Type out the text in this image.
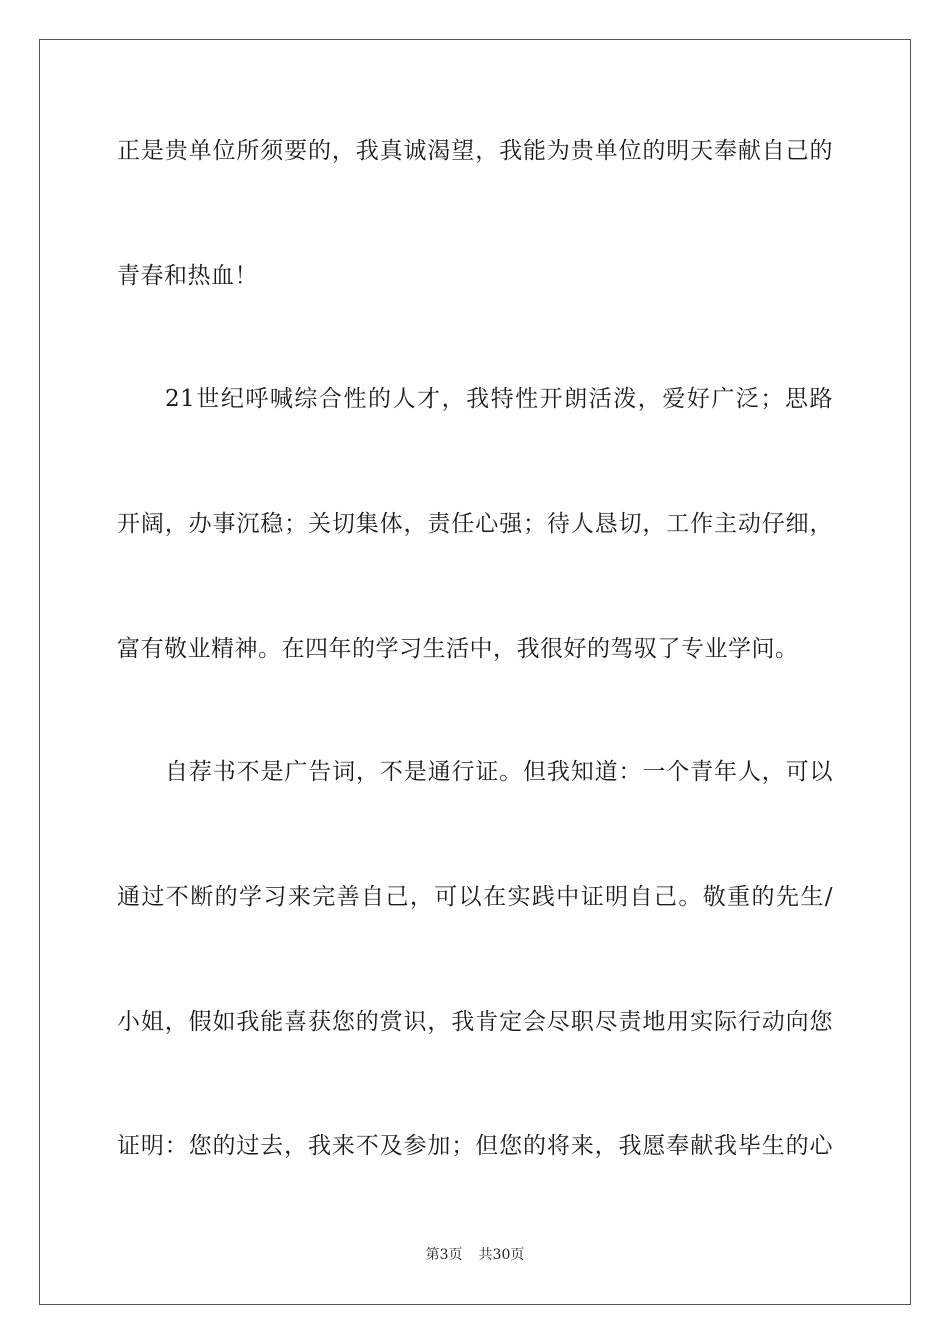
正是贵单位所须要的，我真诚渴望，我能为贵单位的明天奉献自己的
青春和热血！
21世纪呼喊综合性的人才，我特性开朗活泼，爱好广泛；思路
开阔，办事沉稳；关切集体，责任心强；待人恳切，工作主动仔细，
富有敬业精神。在四年的学习生活中，我很好的驾驭了专业学问。
自荐书不是广告词，不是通行证。但我知道：一个青年人，可以
通过不断的学习来完善自己，可以在实践中证明自己。敬重的先生/
小姐，假如我能喜获您的赏识，我肯定会尽职尽责地用实际行动向您
证明：您的过去，我来不及参加；但您的将来，我愿奉献我毕生的心
第3页 共30页
